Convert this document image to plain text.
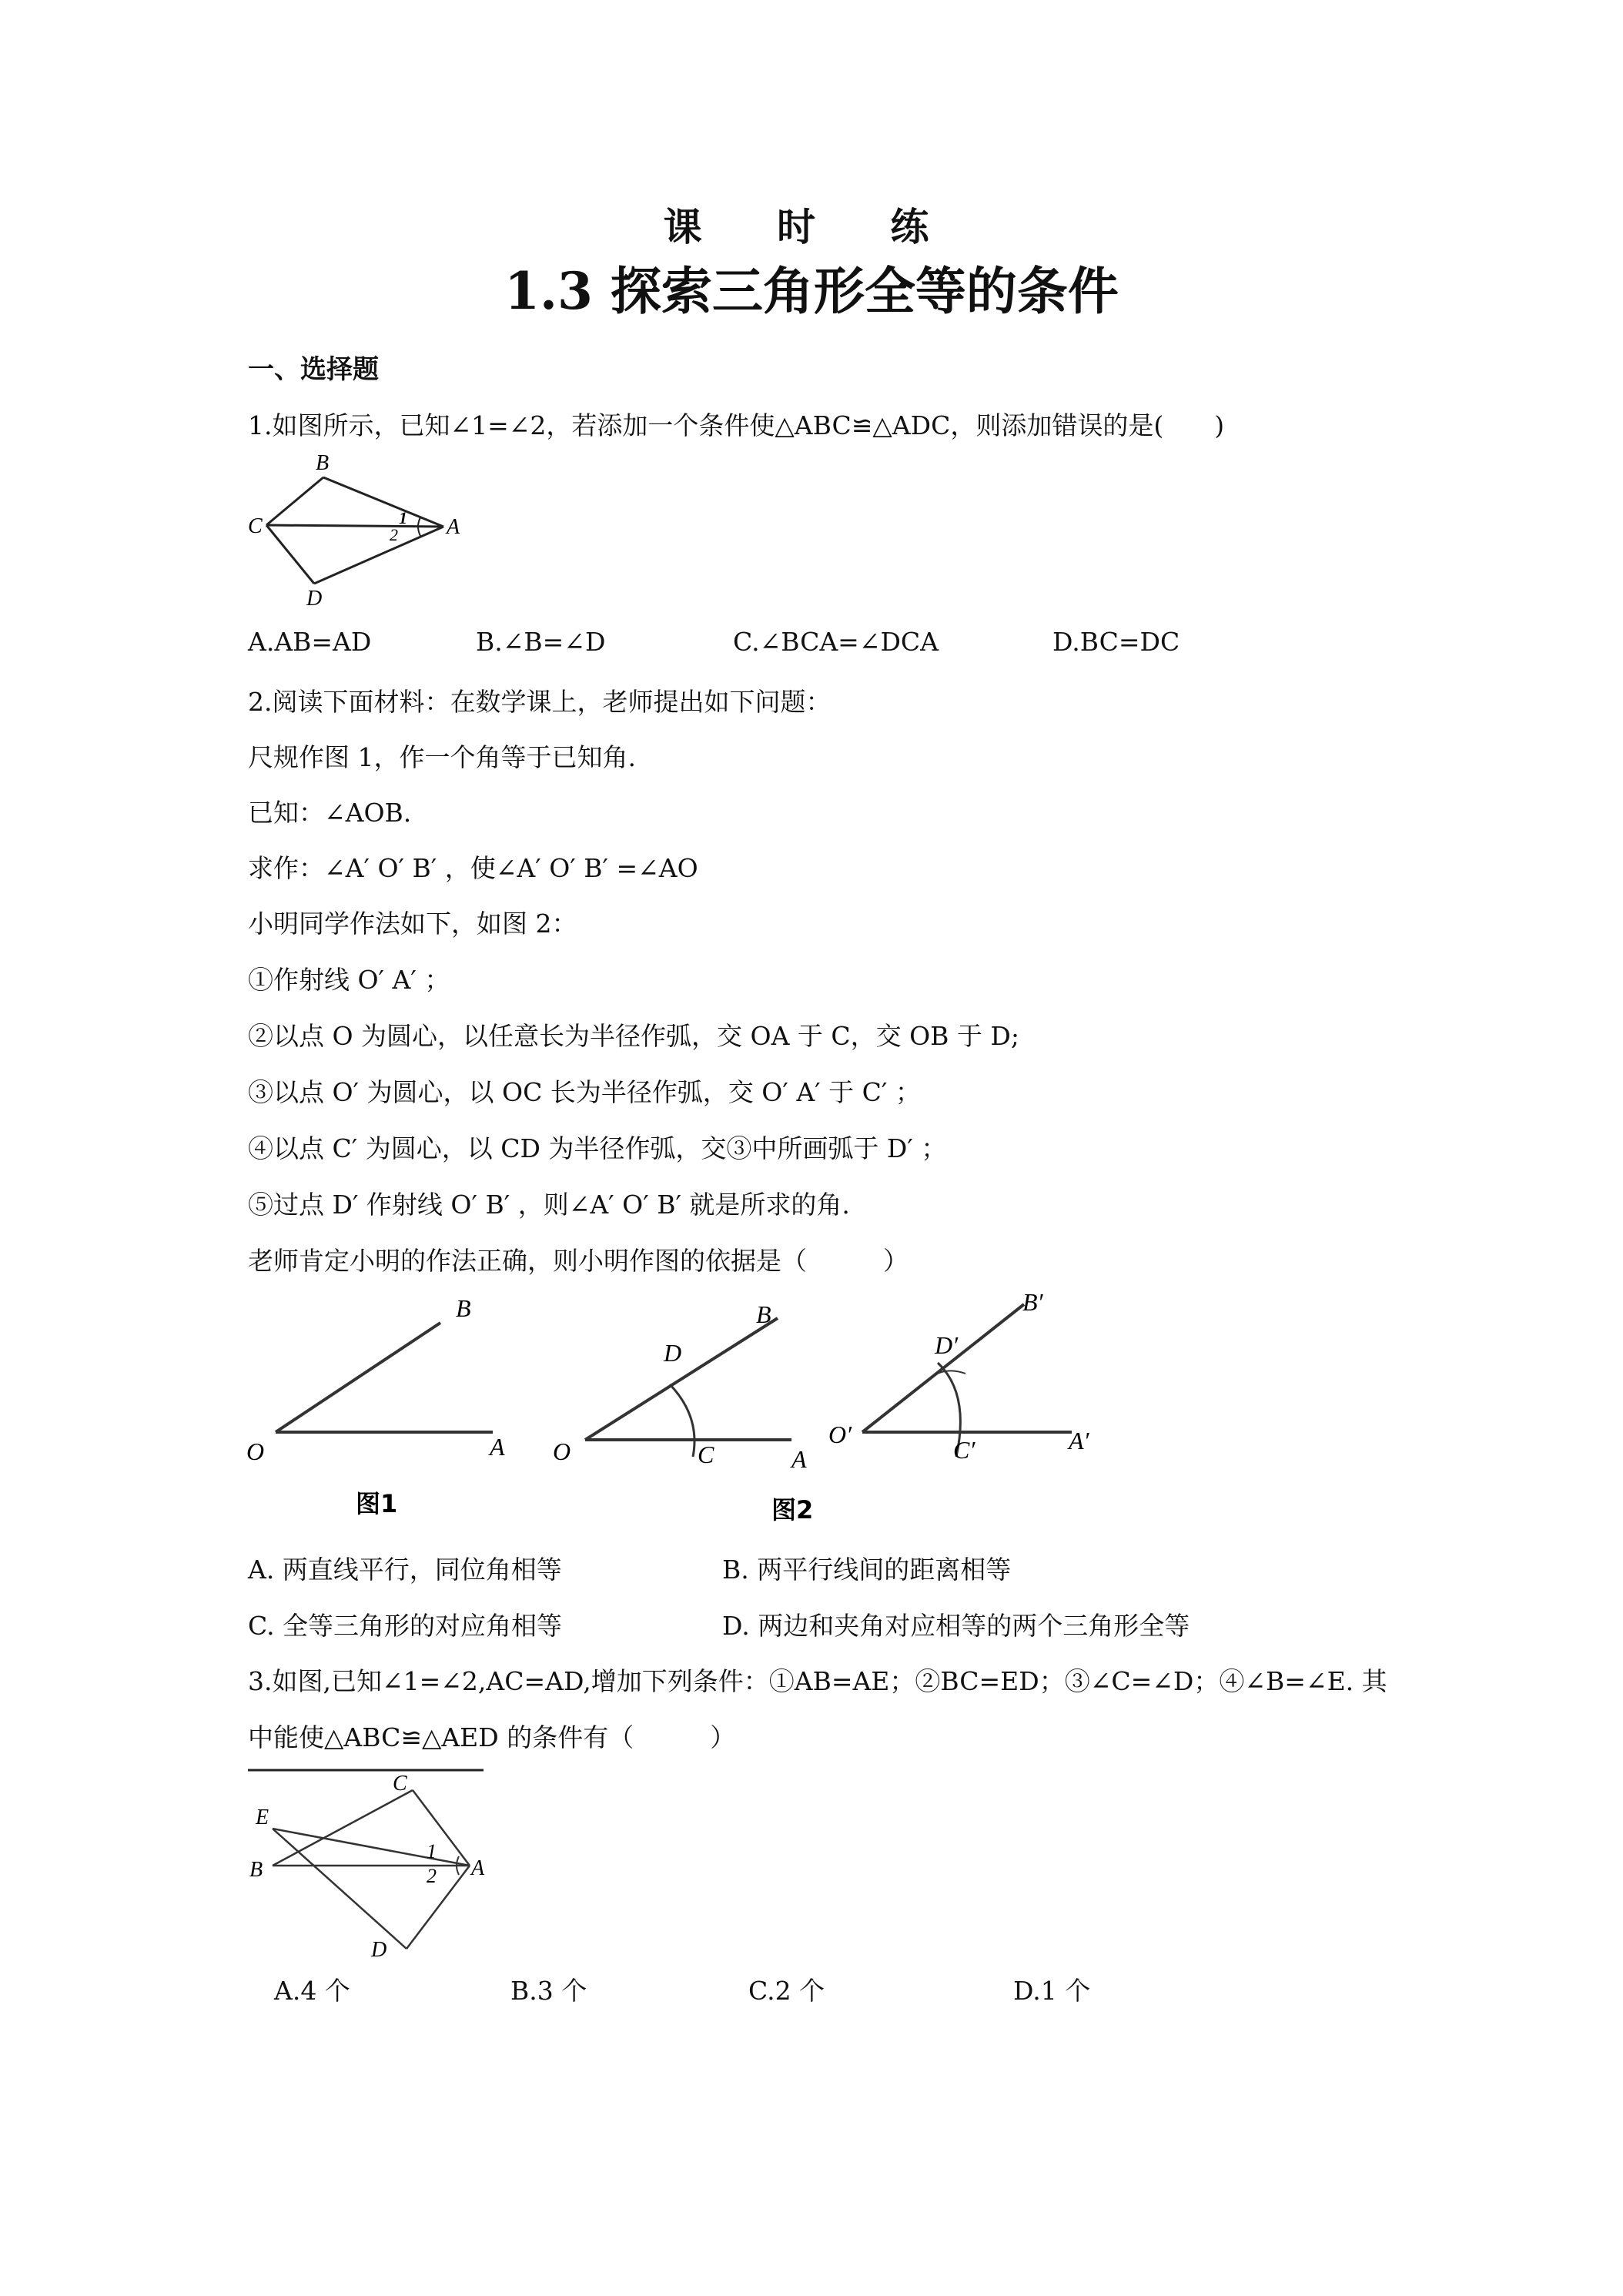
课 时 练
1.3 探索三角形全等的条件
一、选择题
1.如图所示，已知∠1=∠2，若添加一个条件使△ABC≌△ADC，则添加错误的是(　　)
B
C	A
D
1
2
A.AB=AD	B.∠B=∠D	C.∠BCA=∠DCA	D.BC=DC
2.阅读下面材料：在数学课上，老师提出如下问题：
尺规作图 1，作一个角等于已知角.
已知：∠AOB.
求作：∠A′ O′ B′ ，使∠A′ O′ B′ =∠AO
小明同学作法如下，如图 2：
①作射线 O′ A′ ；
②以点 O 为圆心，以任意长为半径作弧，交 OA 于 C，交 OB 于 D;
③以点 O′ 为圆心，以 OC 长为半径作弧，交 O′ A′ 于 C′ ；
④以点 C′ 为圆心，以 CD 为半径作弧，交③中所画弧于 D′ ；
⑤过点 D′ 作射线 O′ B′ ，则∠A′ O′ B′ 就是所求的角.
老师肯定小明的作法正确，则小明作图的依据是（　　　）
B
O	A
图1
D
B
O	C	A
D′
B′
O′
C′	A′
图2
A. 两直线平行，同位角相等	B. 两平行线间的距离相等
C. 全等三角形的对应角相等	D. 两边和夹角对应相等的两个三角形全等
3.如图,已知∠1=∠2,AC=AD,增加下列条件：①AB=AE；②BC=ED；③∠C=∠D；④∠B=∠E. 其
中能使△ABC≌△AED 的条件有（　　　）
C
E
B	A
D
1
2
A.4 个	B.3 个	C.2 个	D.1 个
